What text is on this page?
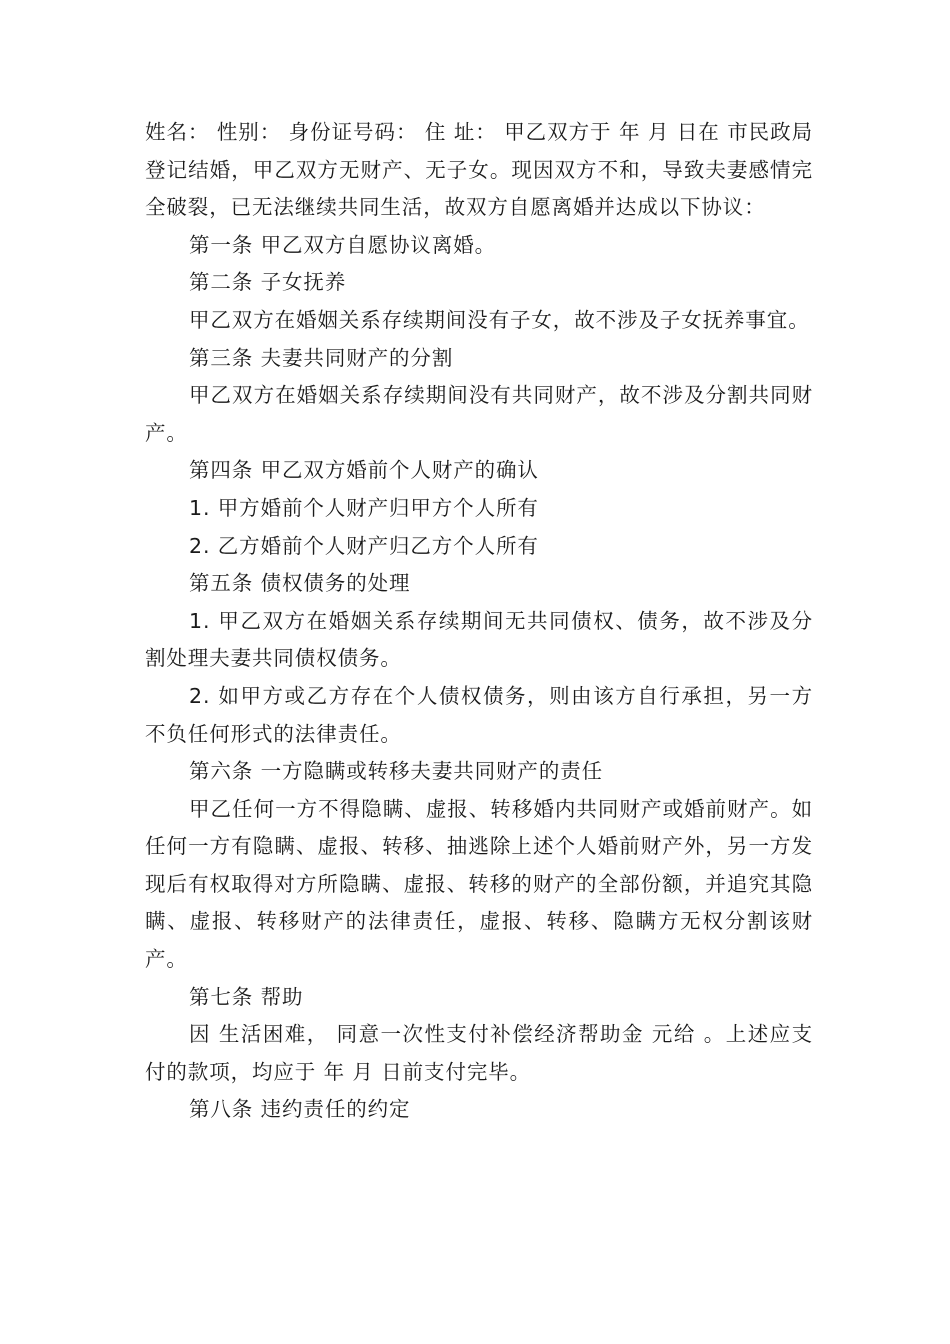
姓名： 性别： 身份证号码： 住 址： 甲乙双方于 年 月 日在 市民政局登记结婚，甲乙双方无财产、无子女。现因双方不和，导致夫妻感情完全破裂，已无法继续共同生活，故双方自愿离婚并达成以下协议：

第一条 甲乙双方自愿协议离婚。

第二条 子女抚养

甲乙双方在婚姻关系存续期间没有子女，故不涉及子女抚养事宜。

第三条 夫妻共同财产的分割

甲乙双方在婚姻关系存续期间没有共同财产，故不涉及分割共同财产。

第四条 甲乙双方婚前个人财产的确认

1. 甲方婚前个人财产归甲方个人所有

2. 乙方婚前个人财产归乙方个人所有

第五条 债权债务的处理

1. 甲乙双方在婚姻关系存续期间无共同债权、债务，故不涉及分割处理夫妻共同债权债务。

2. 如甲方或乙方存在个人债权债务，则由该方自行承担，另一方不负任何形式的法律责任。

第六条 一方隐瞒或转移夫妻共同财产的责任

甲乙任何一方不得隐瞒、虚报、转移婚内共同财产或婚前财产。如任何一方有隐瞒、虚报、转移、抽逃除上述个人婚前财产外，另一方发现后有权取得对方所隐瞒、虚报、转移的财产的全部份额，并追究其隐瞒、虚报、转移财产的法律责任，虚报、转移、隐瞒方无权分割该财产。

第七条 帮助

因 生活困难， 同意一次性支付补偿经济帮助金 元给 。上述应支付的款项，均应于 年 月 日前支付完毕。

第八条 违约责任的约定
